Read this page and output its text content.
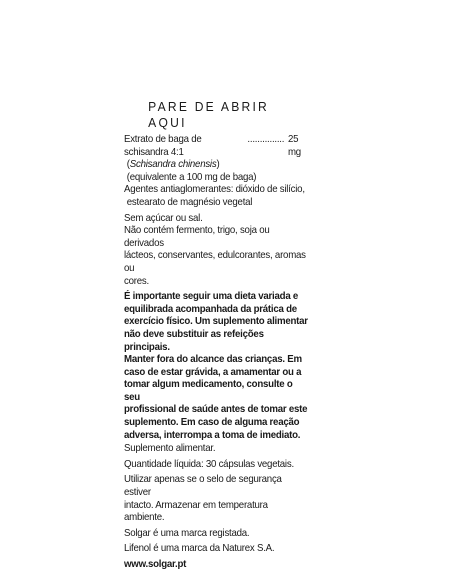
PARE DE ABRIR AQUI
Extrato de baga de schisandra 4:1
............... 25 mg
(Schisandra chinensis)
(equivalente a 100 mg de baga)
Agentes antiaglomerantes: dióxido de silício,
estearato de magnésio vegetal
Sem açúcar ou sal.
Não contém fermento, trigo, soja ou derivados
lácteos, conservantes, edulcorantes, aromas ou
cores.
É importante seguir uma dieta variada e
equilibrada acompanhada da prática de
exercício físico. Um suplemento alimentar
não deve substituir as refeições principais.
Manter fora do alcance das crianças. Em
caso de estar grávida, a amamentar ou a
tomar algum medicamento, consulte o seu
profissional de saúde antes de tomar este
suplemento. Em caso de alguma reação
adversa, interrompa a toma de imediato.
Suplemento alimentar.
Quantidade líquida: 30 cápsulas vegetais.
Utilizar apenas se o selo de segurança estiver
intacto. Armazenar em temperatura ambiente.
Solgar é uma marca registada.
Lifenol é uma marca da Naturex S.A.
www.solgar.pt
